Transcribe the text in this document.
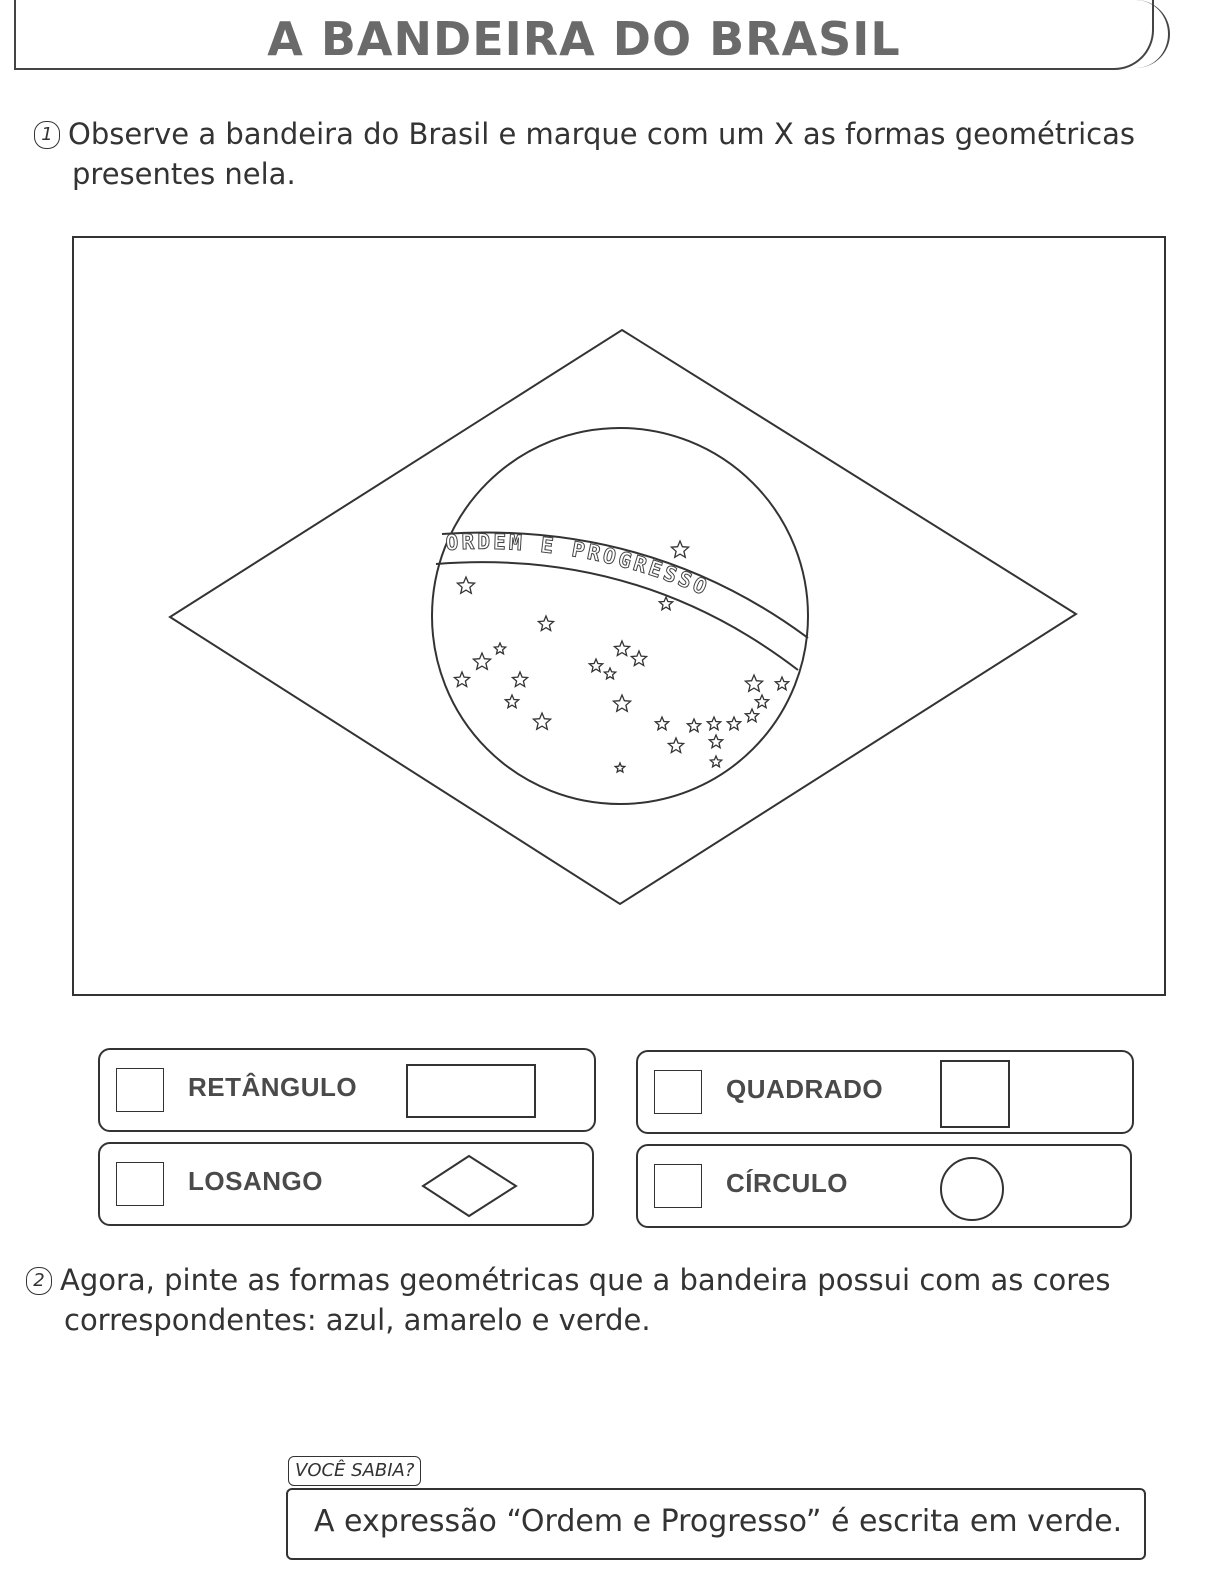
A BANDEIRA DO BRASIL
1 Observe a bandeira do Brasil e marque com um X as formas geométricas
presentes nela.
ORDEM E PROGRESSO
RETÂNGULO	QUADRADO
LOSANGO	CÍRCULO
2 Agora, pinte as formas geométricas que a bandeira possui com as cores
correspondentes: azul, amarelo e verde.
A expressão “Ordem e Progresso” é escrita em verde.
VOCÊ SABIA?
